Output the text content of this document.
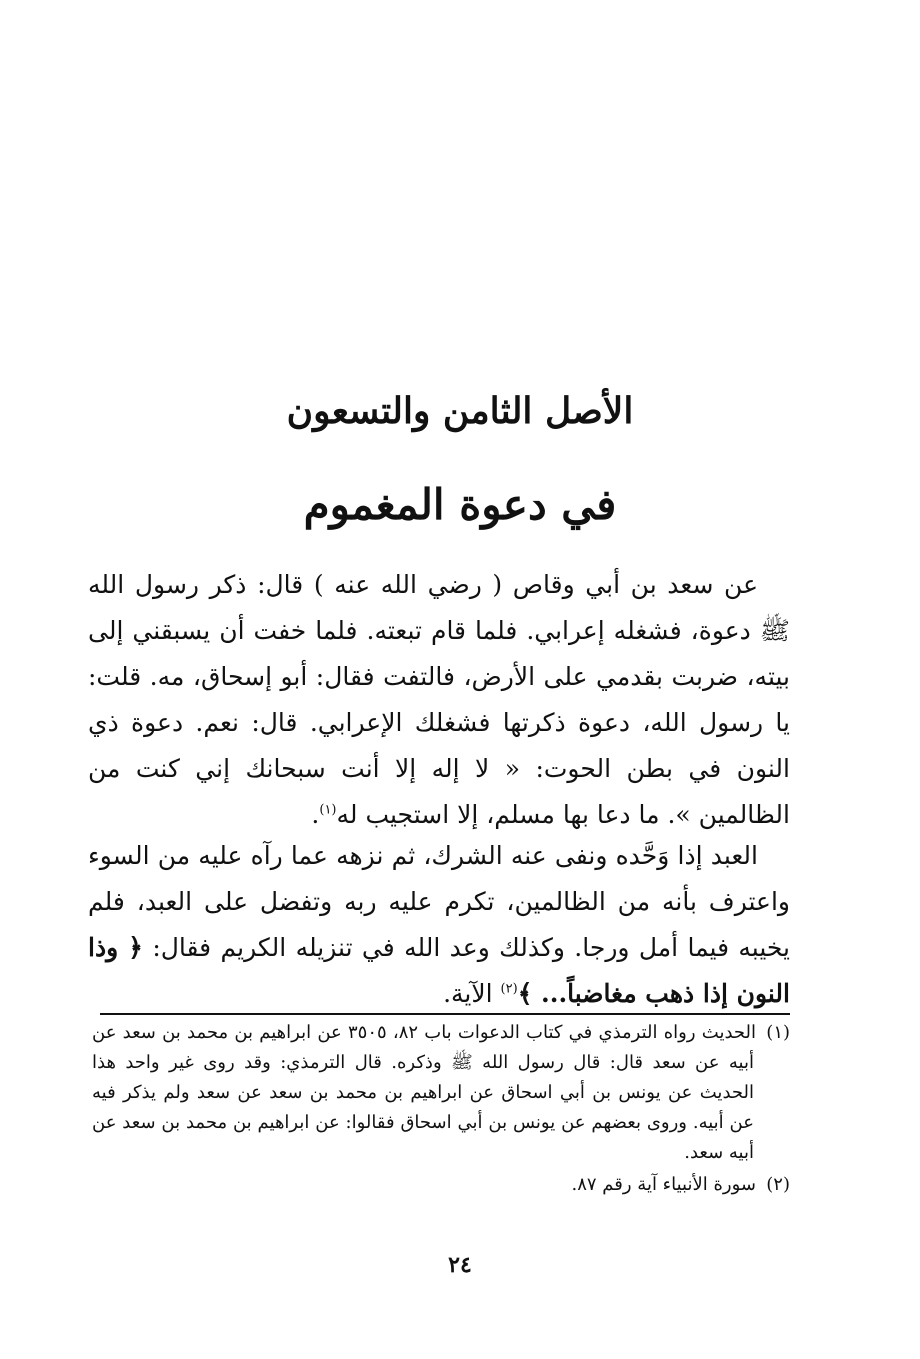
الأصل الثامن والتسعون
في دعوة المغموم

عن سعد بن أبي وقاص ( رضي الله عنه ) قال: ذكر رسول الله ﷺ دعوة، فشغله إعرابي. فلما قام تبعته. فلما خفت أن يسبقني إلى بيته، ضربت بقدمي على الأرض، فالتفت فقال: أبو إسحاق، مه. قلت: يا رسول الله، دعوة ذكرتها فشغلك الإعرابي. قال: نعم. دعوة ذي النون في بطن الحوت: « لا إله إلا أنت سبحانك إني كنت من الظالمين ». ما دعا بها مسلم، إلا استجيب له$^{(١)}$.

العبد إذا وَحَّده ونفى عنه الشرك، ثم نزهه عما رآه عليه من السوء واعترف بأنه من الظالمين، تكرم عليه ربه وتفضل على العبد، فلم يخيبه فيما أمل ورجا. وكذلك وعد الله في تنزيله الكريم فقال: ﴿ وذا النون إذا ذهب مغاضباً... ﴾$^{(٢)}$ الآية.

(١)الحديث رواه الترمذي في كتاب الدعوات باب ٨٢، ٣٥٠٥ عن ابراهيم بن محمد بن سعد عن أبيه عن سعد قال: قال رسول الله ﷺ وذكره. قال الترمذي: وقد روى غير واحد هذا الحديث عن يونس بن أبي اسحاق عن ابراهيم بن محمد بن سعد عن سعد ولم يذكر فيه عن أبيه. وروى بعضهم عن يونس بن أبي اسحاق فقالوا: عن ابراهيم بن محمد بن سعد عن أبيه سعد.

(٢)سورة الأنبياء آية رقم ٨٧.

٢٤
